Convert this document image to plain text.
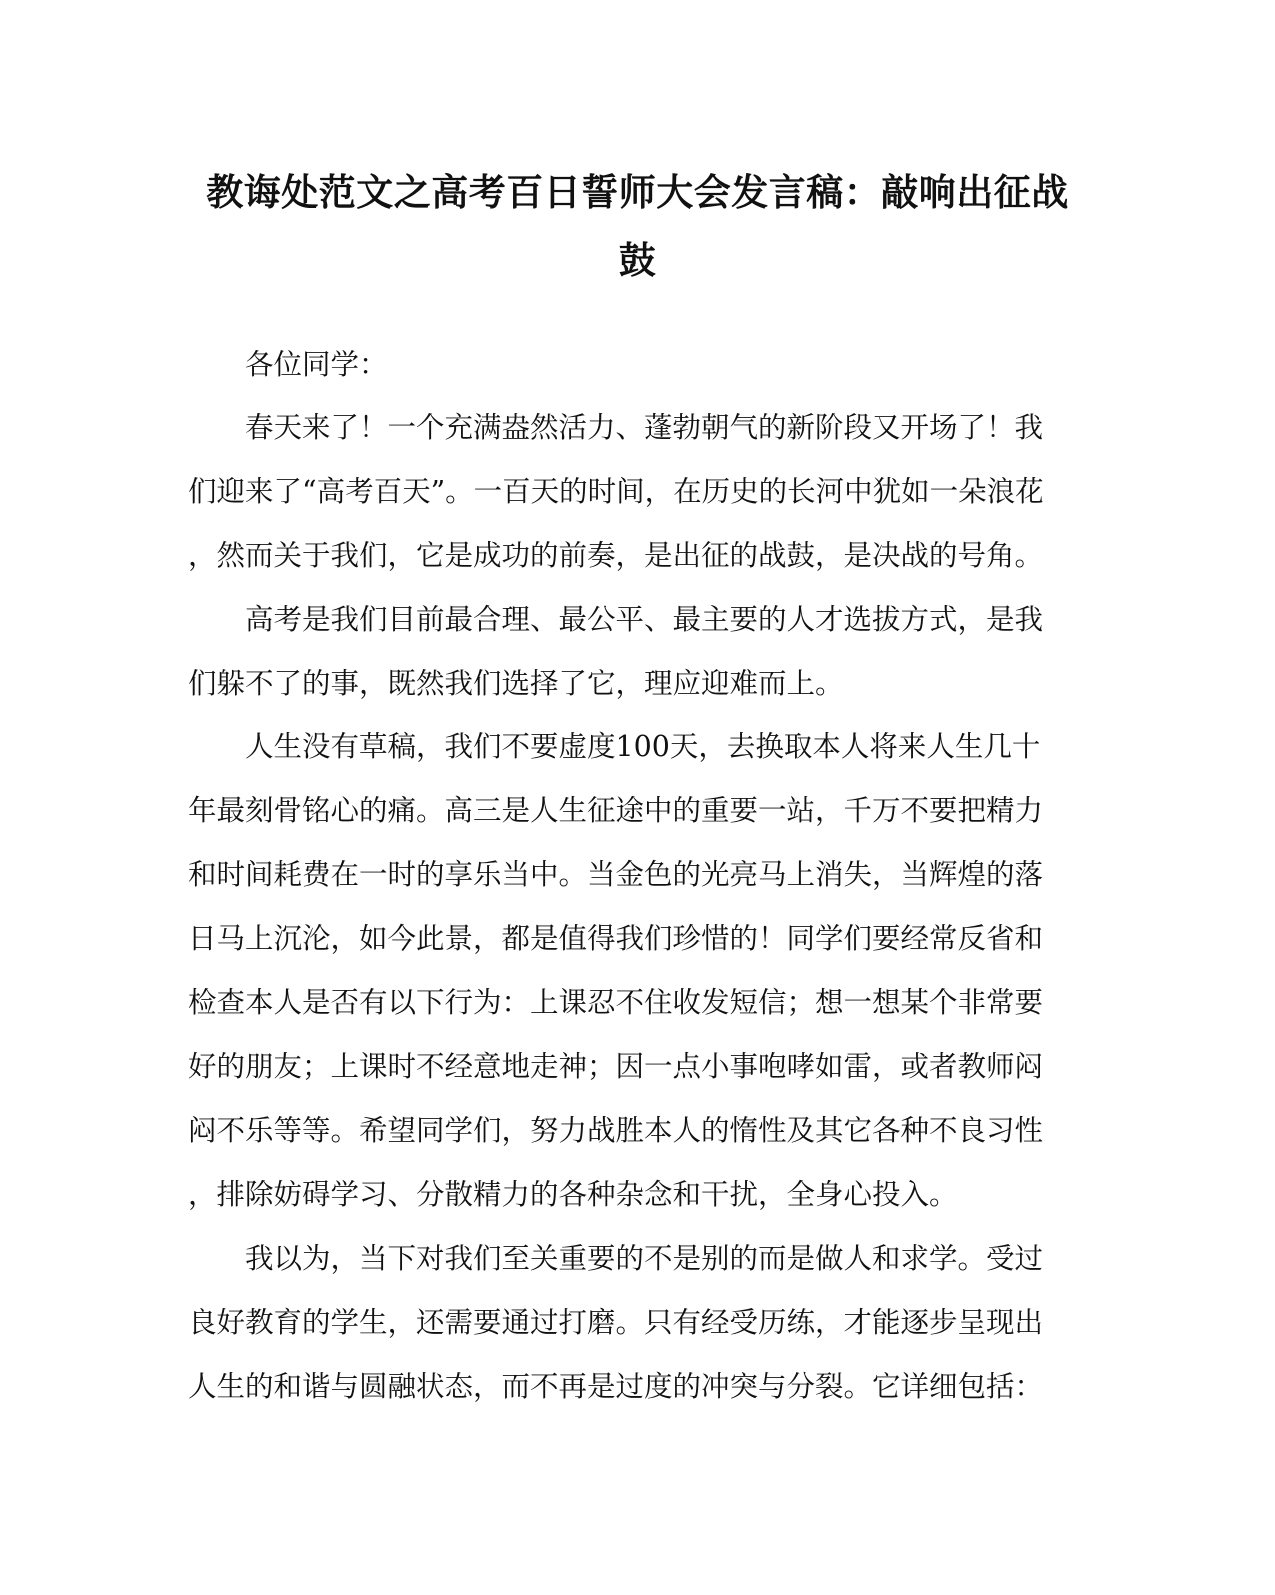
教诲处范文之高考百日誓师大会发言稿：敲响出征战
鼓

各位同学：

春天来了！一个充满盎然活力、蓬勃朝气的新阶段又开场了！我

们迎来了“高考百天”。一百天的时间，在历史的长河中犹如一朵浪花

，然而关于我们，它是成功的前奏，是出征的战鼓，是决战的号角。

高考是我们目前最合理、最公平、最主要的人才选拔方式，是我

们躲不了的事，既然我们选择了它，理应迎难而上。

人生没有草稿，我们不要虚度100天，去换取本人将来人生几十

年最刻骨铭心的痛。高三是人生征途中的重要一站，千万不要把精力

和时间耗费在一时的享乐当中。当金色的光亮马上消失，当辉煌的落

日马上沉沦，如今此景，都是值得我们珍惜的！同学们要经常反省和

检查本人是否有以下行为：上课忍不住收发短信；想一想某个非常要

好的朋友；上课时不经意地走神；因一点小事咆哮如雷，或者教师闷

闷不乐等等。希望同学们，努力战胜本人的惰性及其它各种不良习性

，排除妨碍学习、分散精力的各种杂念和干扰，全身心投入。

我以为，当下对我们至关重要的不是别的而是做人和求学。受过

良好教育的学生，还需要通过打磨。只有经受历练，才能逐步呈现出

人生的和谐与圆融状态，而不再是过度的冲突与分裂。它详细包括：
